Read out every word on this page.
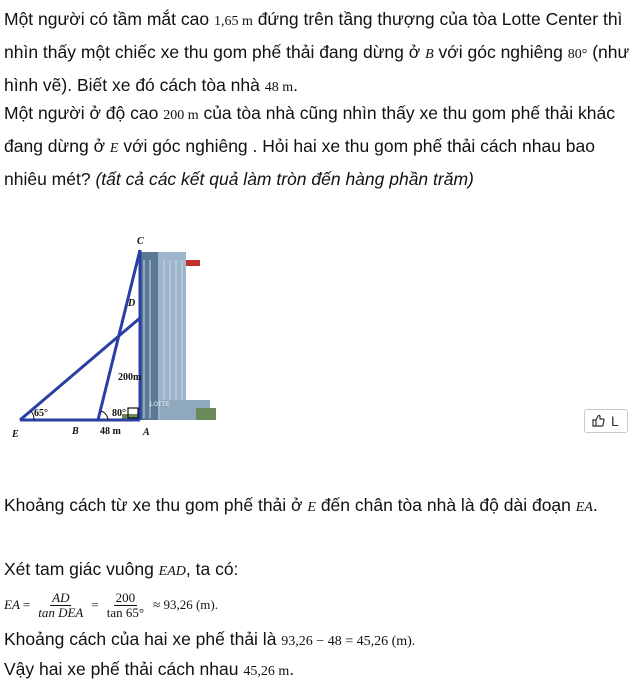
Một người có tầm mắt cao 1,65 m đứng trên tầng thượng của tòa Lotte Center thì nhìn thấy một chiếc xe thu gom phế thải đang dừng ở B với góc nghiêng 80° (như hình vẽ). Biết xe đó cách tòa nhà 48 m.

Một người ở độ cao 200 m của tòa nhà cũng nhìn thấy xe thu gom phế thải khác đang dừng ở E với góc nghiêng . Hỏi hai xe thu gom phế thải cách nhau bao nhiêu mét? (tất cả các kết quả làm tròn đến hàng phần trăm)

LOTTE
C
D
200m
65°	80°
E	B 48 m A
L

Khoảng cách từ xe thu gom phế thải ở E đến chân tòa nhà là độ dài đoạn EA.

Xét tam giác vuông EAD, ta có:

EA = $\frac{AD}{\text{tan DEA}} = \frac{200}{\tan 65^\circ} \approx 93,26$ (m).

Khoảng cách của hai xe phế thải là 93,26 − 48 = 45,26 (m).

Vậy hai xe phế thải cách nhau 45,26 m.
